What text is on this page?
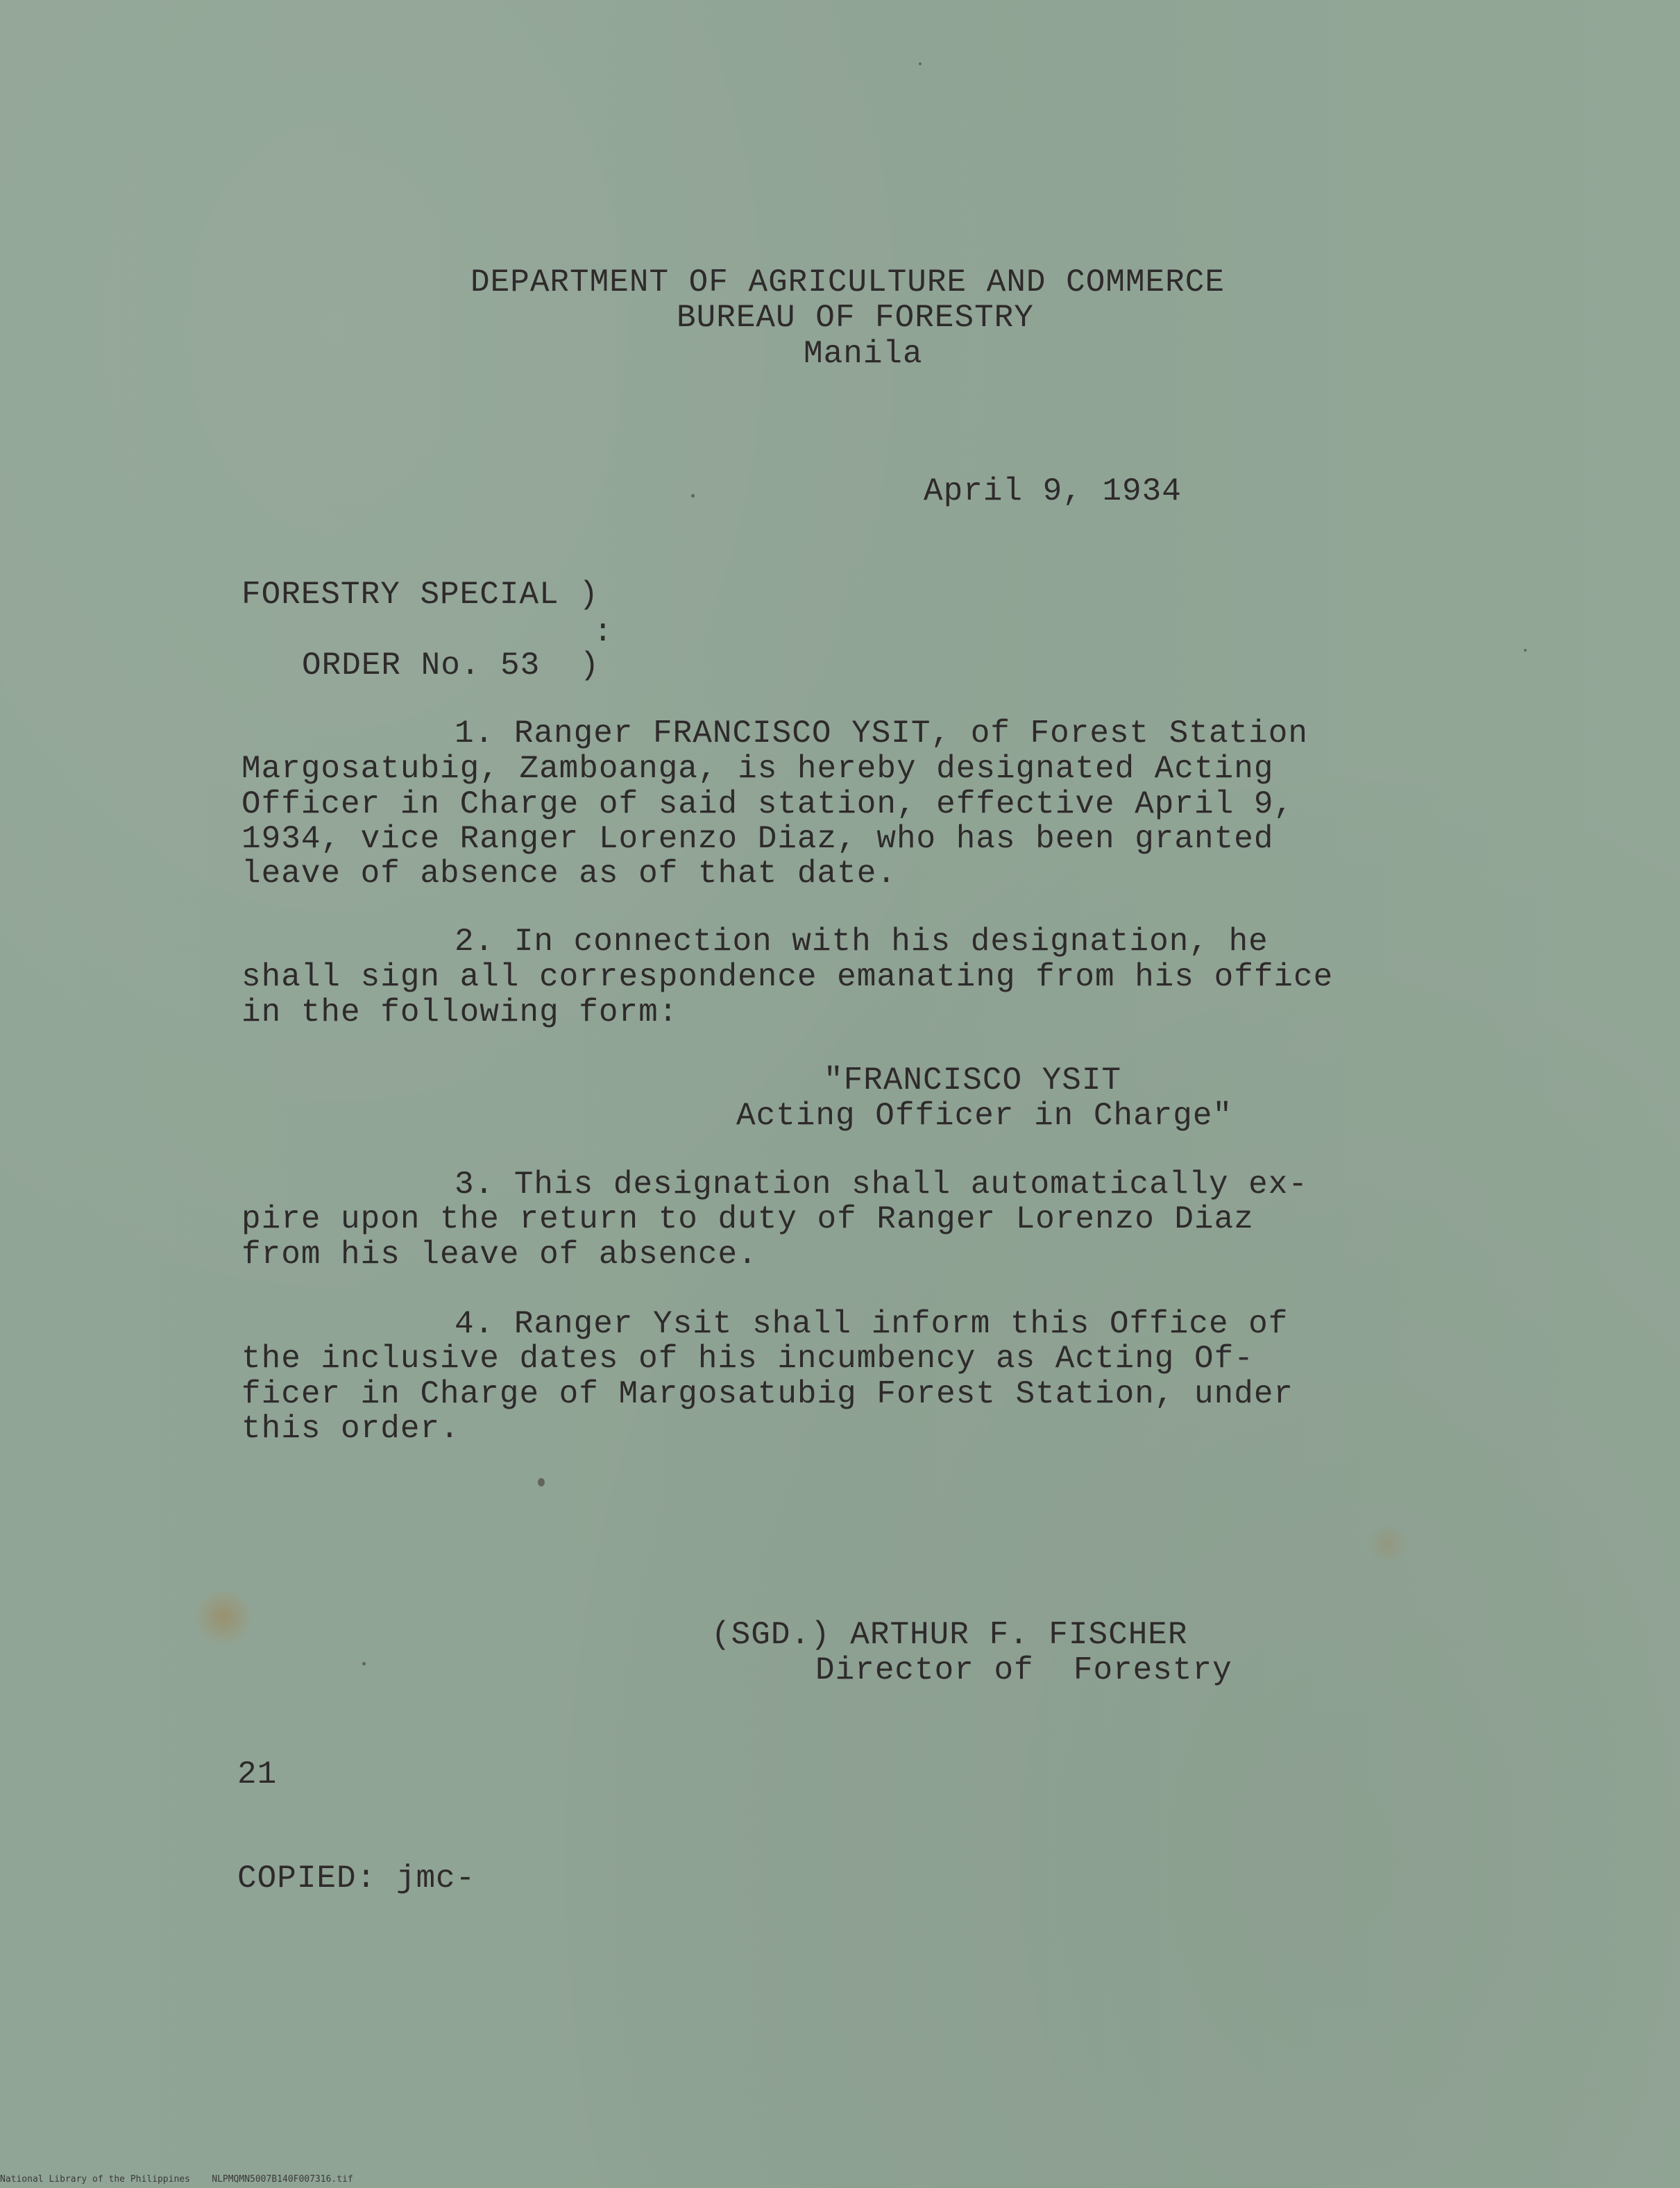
DEPARTMENT OF AGRICULTURE AND COMMERCE
BUREAU OF FORESTRY
Manila
April 9, 1934
FORESTRY SPECIAL )
:
ORDER No. 53  )
1. Ranger FRANCISCO YSIT, of Forest Station
Margosatubig, Zamboanga, is hereby designated Acting
Officer in Charge of said station, effective April 9,
1934, vice Ranger Lorenzo Diaz, who has been granted
leave of absence as of that date.
2. In connection with his designation, he
shall sign all correspondence emanating from his office
in the following form:
"FRANCISCO YSIT
Acting Officer in Charge"
3. This designation shall automatically ex-
pire upon the return to duty of Ranger Lorenzo Diaz
from his leave of absence.
4. Ranger Ysit shall inform this Office of
the inclusive dates of his incumbency as Acting Of-
ficer in Charge of Margosatubig Forest Station, under
this order.
(SGD.) ARTHUR F. FISCHER
Director of  Forestry
21
COPIED: jmc-
National Library of the Philippines    NLPMQMN5007B140F007316.tif
